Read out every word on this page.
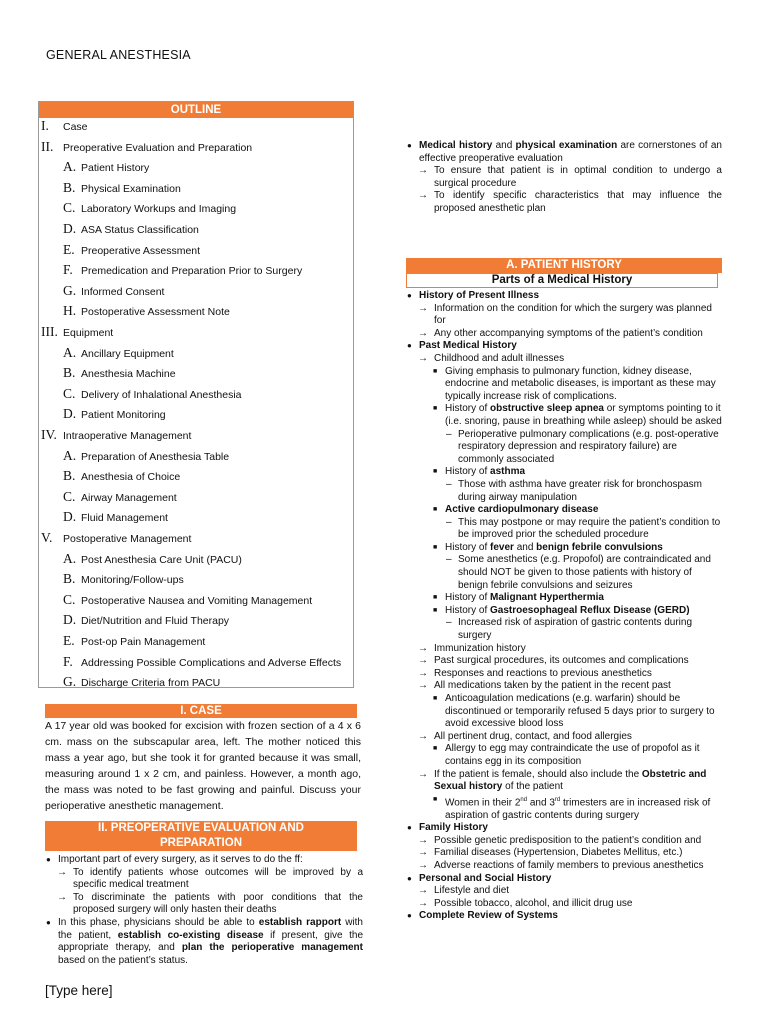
GENERAL ANESTHESIA
OUTLINE
I. Case
II. Preoperative Evaluation and Preparation
A. Patient History
B. Physical Examination
C. Laboratory Workups and Imaging
D. ASA Status Classification
E. Preoperative Assessment
F. Premedication and Preparation Prior to Surgery
G. Informed Consent
H. Postoperative Assessment Note
III. Equipment
A. Ancillary Equipment
B. Anesthesia Machine
C. Delivery of Inhalational Anesthesia
D. Patient Monitoring
IV. Intraoperative Management
A. Preparation of Anesthesia Table
B. Anesthesia of Choice
C. Airway Management
D. Fluid Management
V. Postoperative Management
A. Post Anesthesia Care Unit (PACU)
B. Monitoring/Follow-ups
C. Postoperative Nausea and Vomiting Management
D. Diet/Nutrition and Fluid Therapy
E. Post-op Pain Management
F. Addressing Possible Complications and Adverse Effects
G. Discharge Criteria from PACU
I. CASE
A 17 year old was booked for excision with frozen section of a 4 x 6 cm. mass on the subscapular area, left. The mother noticed this mass a year ago, but she took it for granted because it was small, measuring around 1 x 2 cm, and painless. However, a month ago, the mass was noted to be fast growing and painful. Discuss your perioperative anesthetic management.
II. PREOPERATIVE EVALUATION AND
PREPARATION
● Important part of every surgery, as it serves to do the ff:
→ To identify patients whose outcomes will be improved by a specific medical treatment
→ To discriminate the patients with poor conditions that the proposed surgery will only hasten their deaths
● In this phase, physicians should be able to establish rapport with the patient, establish co-existing disease if present, give the appropriate therapy, and plan the perioperative management based on the patient’s status.
[Type here]
● Medical history and physical examination are cornerstones of an effective preoperative evaluation
→ To ensure that patient is in optimal condition to undergo a surgical procedure
→ To identify specific characteristics that may influence the proposed anesthetic plan
A. PATIENT HISTORY
Parts of a Medical History
● History of Present Illness
→ Information on the condition for which the surgery was planned for
→ Any other accompanying symptoms of the patient’s condition
● Past Medical History
→ Childhood and adult illnesses
■ Giving emphasis to pulmonary function, kidney disease, endocrine and metabolic diseases, is important as these may typically increase risk of complications.
■ History of obstructive sleep apnea or symptoms pointing to it (i.e. snoring, pause in breathing while asleep) should be asked
– Perioperative pulmonary complications (e.g. post-operative respiratory depression and respiratory failure) are commonly associated
■ History of asthma
– Those with asthma have greater risk for bronchospasm during airway manipulation
■ Active cardiopulmonary disease
– This may postpone or may require the patient’s condition to be improved prior the scheduled procedure
■ History of fever and benign febrile convulsions
– Some anesthetics (e.g. Propofol) are contraindicated and should NOT be given to those patients with history of benign febrile convulsions and seizures
■ History of Malignant Hyperthermia
■ History of Gastroesophageal Reflux Disease (GERD)
– Increased risk of aspiration of gastric contents during surgery
→ Immunization history
→ Past surgical procedures, its outcomes and complications
→ Responses and reactions to previous anesthetics
→ All medications taken by the patient in the recent past
■ Anticoagulation medications (e.g. warfarin) should be discontinued or temporarily refused 5 days prior to surgery to avoid excessive blood loss
→ All pertinent drug, contact, and food allergies
■ Allergy to egg may contraindicate the use of propofol as it contains egg in its composition
→ If the patient is female, should also include the Obstetric and Sexual history of the patient
■ Women in their 2nd and 3rd trimesters are in increased risk of aspiration of gastric contents during surgery
● Family History
→ Possible genetic predisposition to the patient’s condition and
→ Familial diseases (Hypertension, Diabetes Mellitus, etc.)
→ Adverse reactions of family members to previous anesthetics
● Personal and Social History
→ Lifestyle and diet
→ Possible tobacco, alcohol, and illicit drug use
● Complete Review of Systems
